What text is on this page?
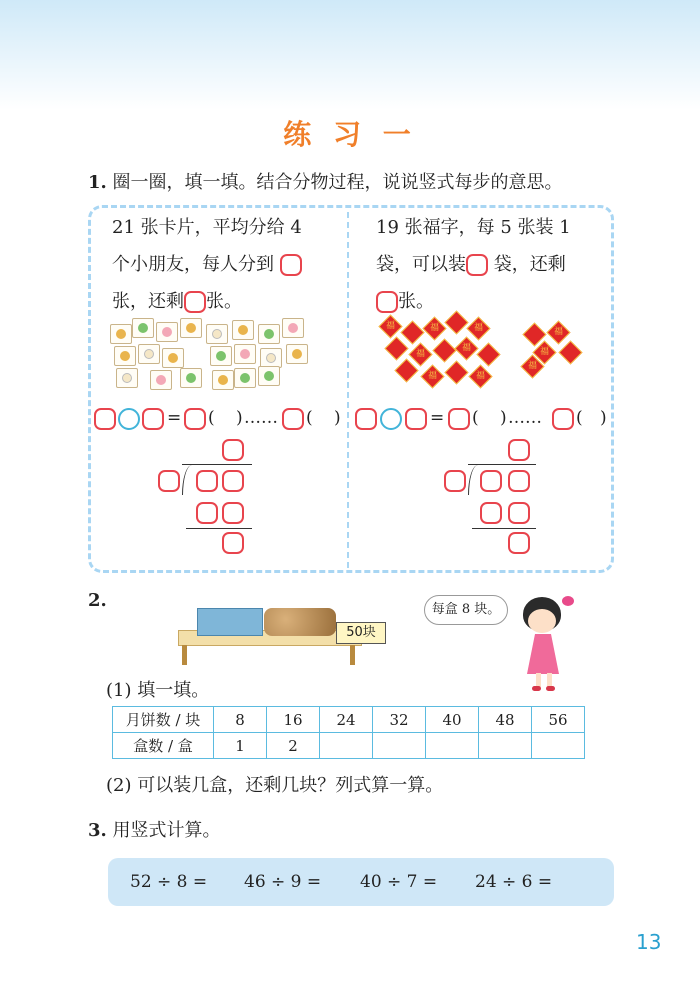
练 习 一
1. 圈一圈，填一填。结合分物过程，说说竖式每步的意思。
21 张卡片，平均分给 4
个小朋友，每人分到
张，还剩 张。
19 张福字，每 5 张装 1
袋，可以装 袋，还剩
张。
福	福	福
福
福
福	福
福
福
福
= ( ) …… ( )	= ( ) …… ( )
2.
50块
每盒 8 块。
(1) 填一填。
月饼数 / 块	8	16	24	32	40	48	56
盒数 / 盒	1	2					
(2) 可以装几盒，还剩几块？列式算一算。
3. 用竖式计算。
52 ÷ 8 = 46 ÷ 9 = 40 ÷ 7 = 24 ÷ 6 =
13
